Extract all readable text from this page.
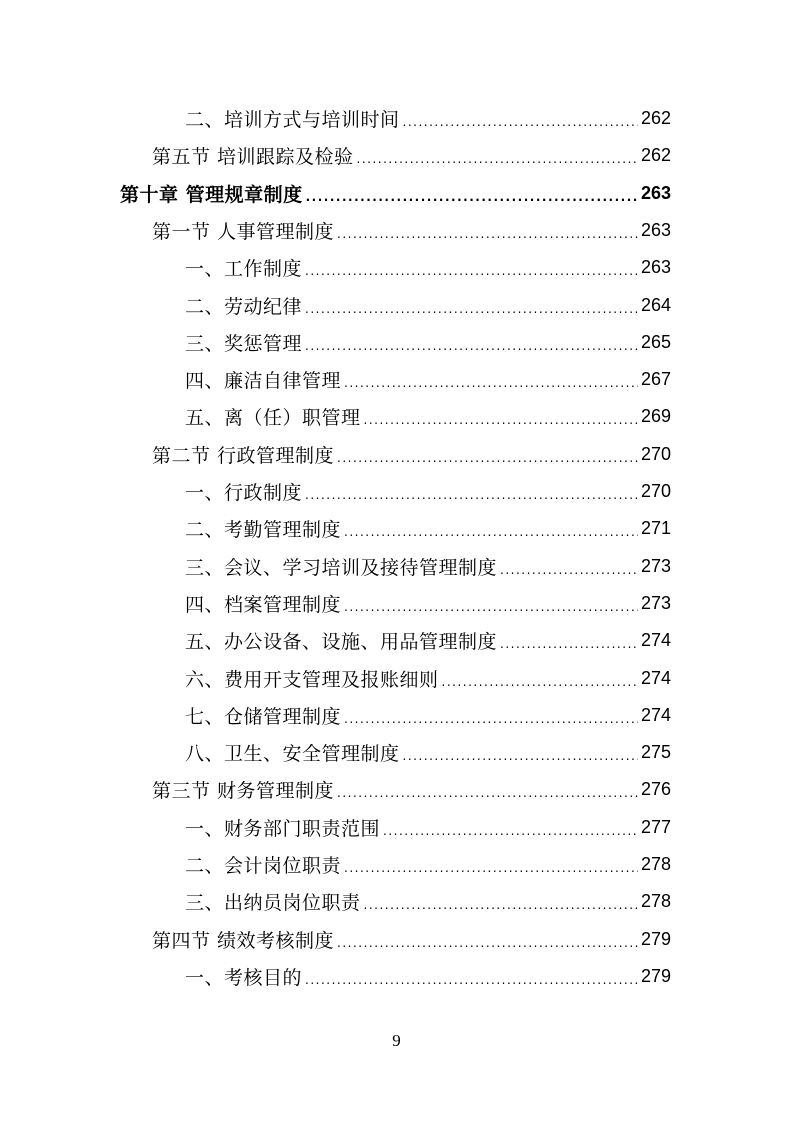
二、培训方式与培训时间 .....	262
第五节 培训跟踪及检验 .....	262
第十章 管理规章制度 .....	263
第一节 人事管理制度 .....	263
一、工作制度 .....	263
二、劳动纪律 .....	264
三、奖惩管理 .....	265
四、廉洁自律管理 .....	267
五、离（任）职管理 .....	269
第二节 行政管理制度 .....	270
一、行政制度 .....	270
二、考勤管理制度 .....	271
三、会议、学习培训及接待管理制度 .....	273
四、档案管理制度 .....	273
五、办公设备、设施、用品管理制度 .....	274
六、费用开支管理及报账细则 .....	274
七、仓储管理制度 .....	274
八、卫生、安全管理制度 .....	275
第三节 财务管理制度 .....	276
一、财务部门职责范围 .....	277
二、会计岗位职责 .....	278
三、出纳员岗位职责 .....	278
第四节 绩效考核制度 .....	279
一、考核目的 .....	279
9
